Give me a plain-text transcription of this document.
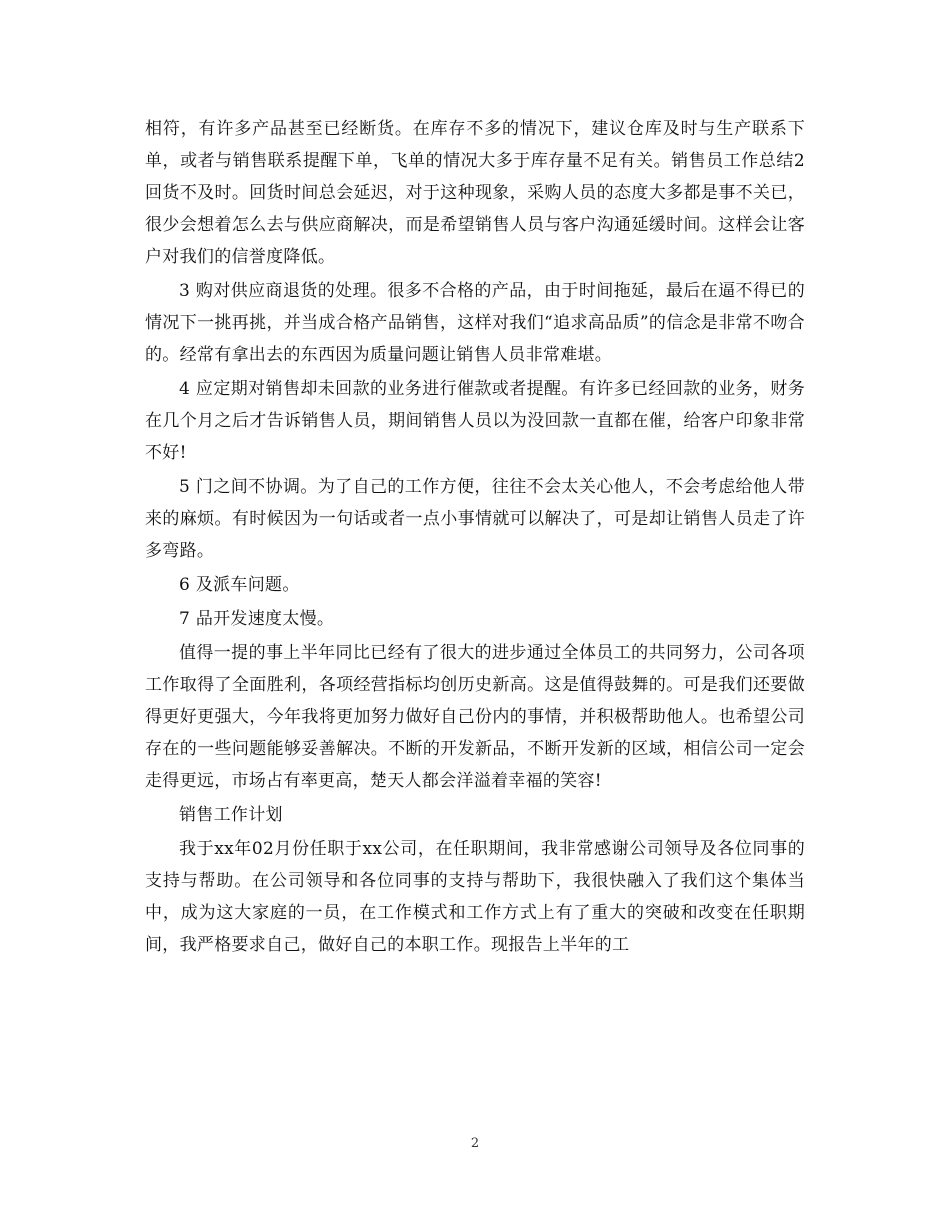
相符，有许多产品甚至已经断货。在库存不多的情况下，建议仓库及时与生产联系下单，或者与销售联系提醒下单，飞单的情况大多于库存量不足有关。销售员工作总结2 回货不及时。回货时间总会延迟，对于这种现象，采购人员的态度大多都是事不关已，很少会想着怎么去与供应商解决，而是希望销售人员与客户沟通延缓时间。这样会让客户对我们的信誉度降低。

3 购对供应商退货的处理。很多不合格的产品，由于时间拖延，最后在逼不得已的情况下一挑再挑，并当成合格产品销售，这样对我们“追求高品质”的信念是非常不吻合的。经常有拿出去的东西因为质量问题让销售人员非常难堪。

4 应定期对销售却未回款的业务进行催款或者提醒。有许多已经回款的业务，财务在几个月之后才告诉销售人员，期间销售人员以为没回款一直都在催，给客户印象非常不好!

5 门之间不协调。为了自己的工作方便，往往不会太关心他人，不会考虑给他人带来的麻烦。有时候因为一句话或者一点小事情就可以解决了，可是却让销售人员走了许多弯路。

6 及派车问题。

7 品开发速度太慢。

值得一提的事上半年同比已经有了很大的进步通过全体员工的共同努力，公司各项工作取得了全面胜利，各项经营指标均创历史新高。这是值得鼓舞的。可是我们还要做得更好更强大，今年我将更加努力做好自己份内的事情，并积极帮助他人。也希望公司存在的一些问题能够妥善解决。不断的开发新品，不断开发新的区域，相信公司一定会走得更远，市场占有率更高，楚天人都会洋溢着幸福的笑容!

销售工作计划

我于xx年02月份任职于xx公司，在任职期间，我非常感谢公司领导及各位同事的支持与帮助。在公司领导和各位同事的支持与帮助下，我很快融入了我们这个集体当中，成为这大家庭的一员，在工作模式和工作方式上有了重大的突破和改变在任职期间，我严格要求自己，做好自己的本职工作。现报告上半年的工

2
